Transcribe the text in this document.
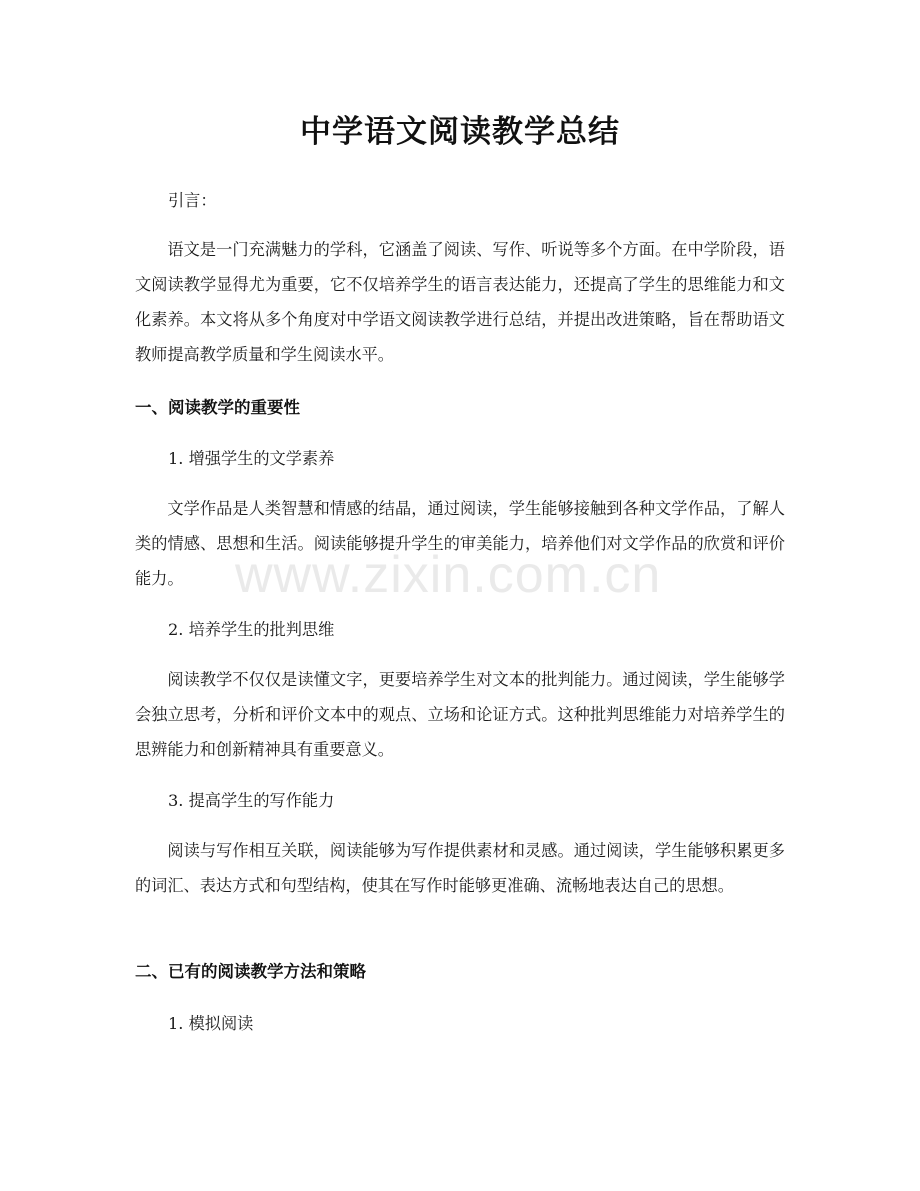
中学语文阅读教学总结
引言：
语文是一门充满魅力的学科，它涵盖了阅读、写作、听说等多个方面。在中学阶段，语文阅读教学显得尤为重要，它不仅培养学生的语言表达能力，还提高了学生的思维能力和文化素养。本文将从多个角度对中学语文阅读教学进行总结，并提出改进策略，旨在帮助语文教师提高教学质量和学生阅读水平。
一、阅读教学的重要性
1. 增强学生的文学素养
文学作品是人类智慧和情感的结晶，通过阅读，学生能够接触到各种文学作品，了解人类的情感、思想和生活。阅读能够提升学生的审美能力，培养他们对文学作品的欣赏和评价能力。
2. 培养学生的批判思维
阅读教学不仅仅是读懂文字，更要培养学生对文本的批判能力。通过阅读，学生能够学会独立思考，分析和评价文本中的观点、立场和论证方式。这种批判思维能力对培养学生的思辨能力和创新精神具有重要意义。
3. 提高学生的写作能力
阅读与写作相互关联，阅读能够为写作提供素材和灵感。通过阅读，学生能够积累更多的词汇、表达方式和句型结构，使其在写作时能够更准确、流畅地表达自己的思想。
二、已有的阅读教学方法和策略
1. 模拟阅读
www.zixin.com.cn
